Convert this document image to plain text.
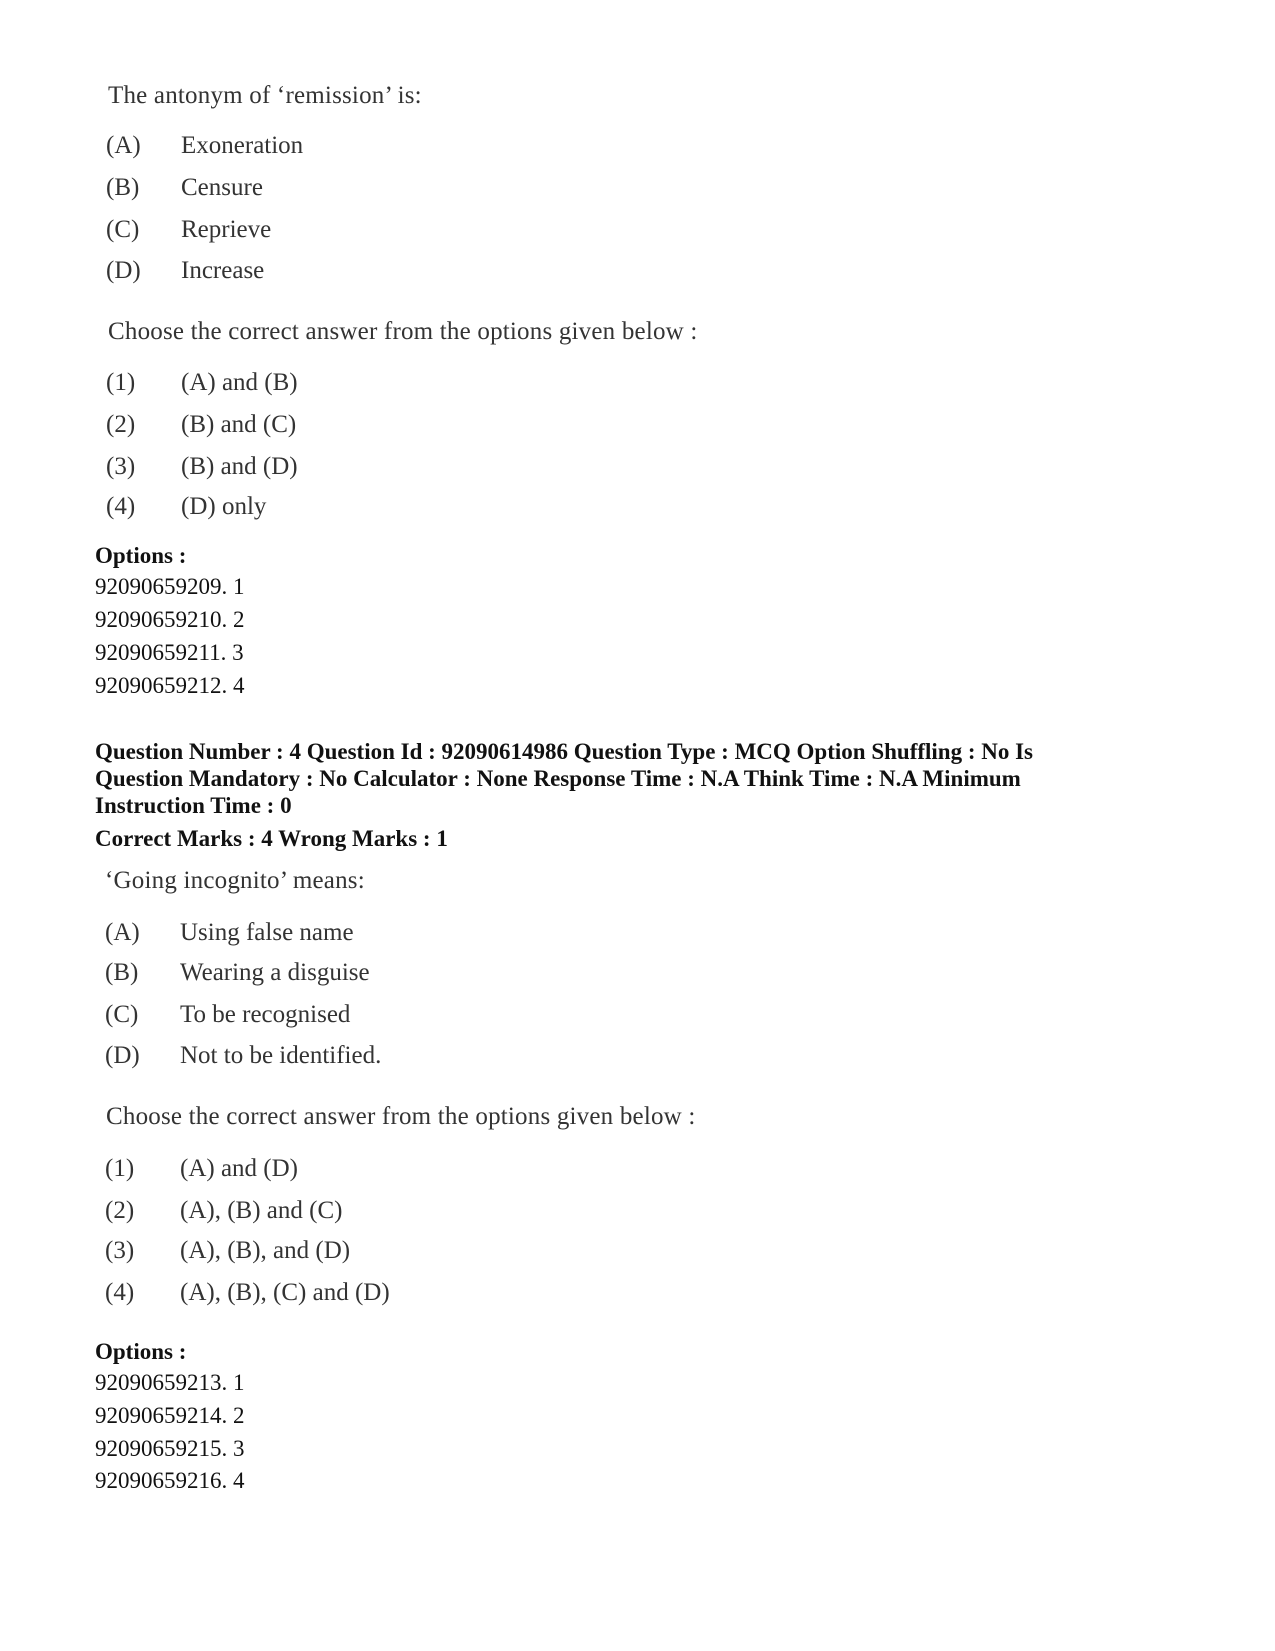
The antonym of ‘remission’ is:
(A)	Exoneration
(B)	Censure
(C)	Reprieve
(D)	Increase
Choose the correct answer from the options given below :
(1)	(A) and (B)
(2)	(B) and (C)
(3)	(B) and (D)
(4)	(D) only
Options :
92090659209. 1
92090659210. 2
92090659211. 3
92090659212. 4
Question Number : 4 Question Id : 92090614986 Question Type : MCQ Option Shuffling : No Is
Question Mandatory : No Calculator : None Response Time : N.A Think Time : N.A Minimum
Instruction Time : 0
Correct Marks : 4 Wrong Marks : 1
‘Going incognito’ means:
(A)	Using false name
(B)	Wearing a disguise
(C)	To be recognised
(D)	Not to be identified.
Choose the correct answer from the options given below :
(1)	(A) and (D)
(2)	(A), (B) and (C)
(3)	(A), (B), and (D)
(4)	(A), (B), (C) and (D)
Options :
92090659213. 1
92090659214. 2
92090659215. 3
92090659216. 4
